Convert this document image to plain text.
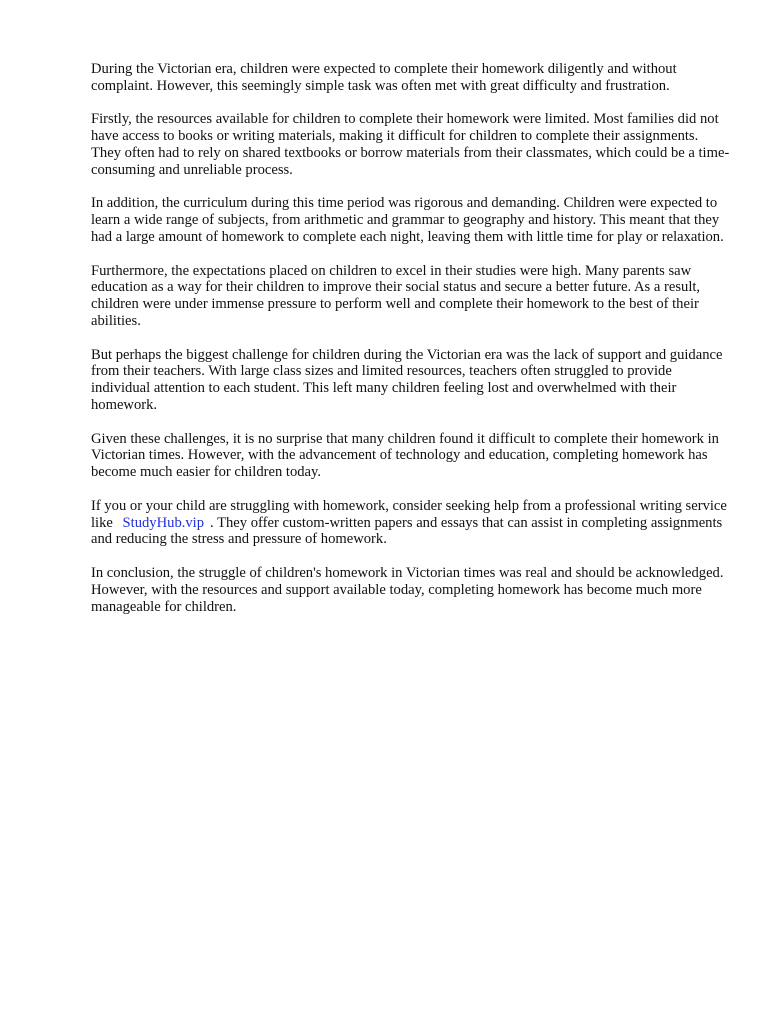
During the Victorian era, children were expected to complete their homework diligently and without complaint. However, this seemingly simple task was often met with great difficulty and frustration.

Firstly, the resources available for children to complete their homework were limited. Most families did not have access to books or writing materials, making it difficult for children to complete their assignments. They often had to rely on shared textbooks or borrow materials from their classmates, which could be a time-consuming and unreliable process.

In addition, the curriculum during this time period was rigorous and demanding. Children were expected to learn a wide range of subjects, from arithmetic and grammar to geography and history. This meant that they had a large amount of homework to complete each night, leaving them with little time for play or relaxation.

Furthermore, the expectations placed on children to excel in their studies were high. Many parents saw education as a way for their children to improve their social status and secure a better future. As a result, children were under immense pressure to perform well and complete their homework to the best of their abilities.

But perhaps the biggest challenge for children during the Victorian era was the lack of support and guidance from their teachers. With large class sizes and limited resources, teachers often struggled to provide individual attention to each student. This left many children feeling lost and overwhelmed with their homework.

Given these challenges, it is no surprise that many children found it difficult to complete their homework in Victorian times. However, with the advancement of technology and education, completing homework has become much easier for children today.

If you or your child are struggling with homework, consider seeking help from a professional writing service like StudyHub.vip . They offer custom-written papers and essays that can assist in completing assignments and reducing the stress and pressure of homework.

In conclusion, the struggle of children's homework in Victorian times was real and should be acknowledged. However, with the resources and support available today, completing homework has become much more manageable for children.
